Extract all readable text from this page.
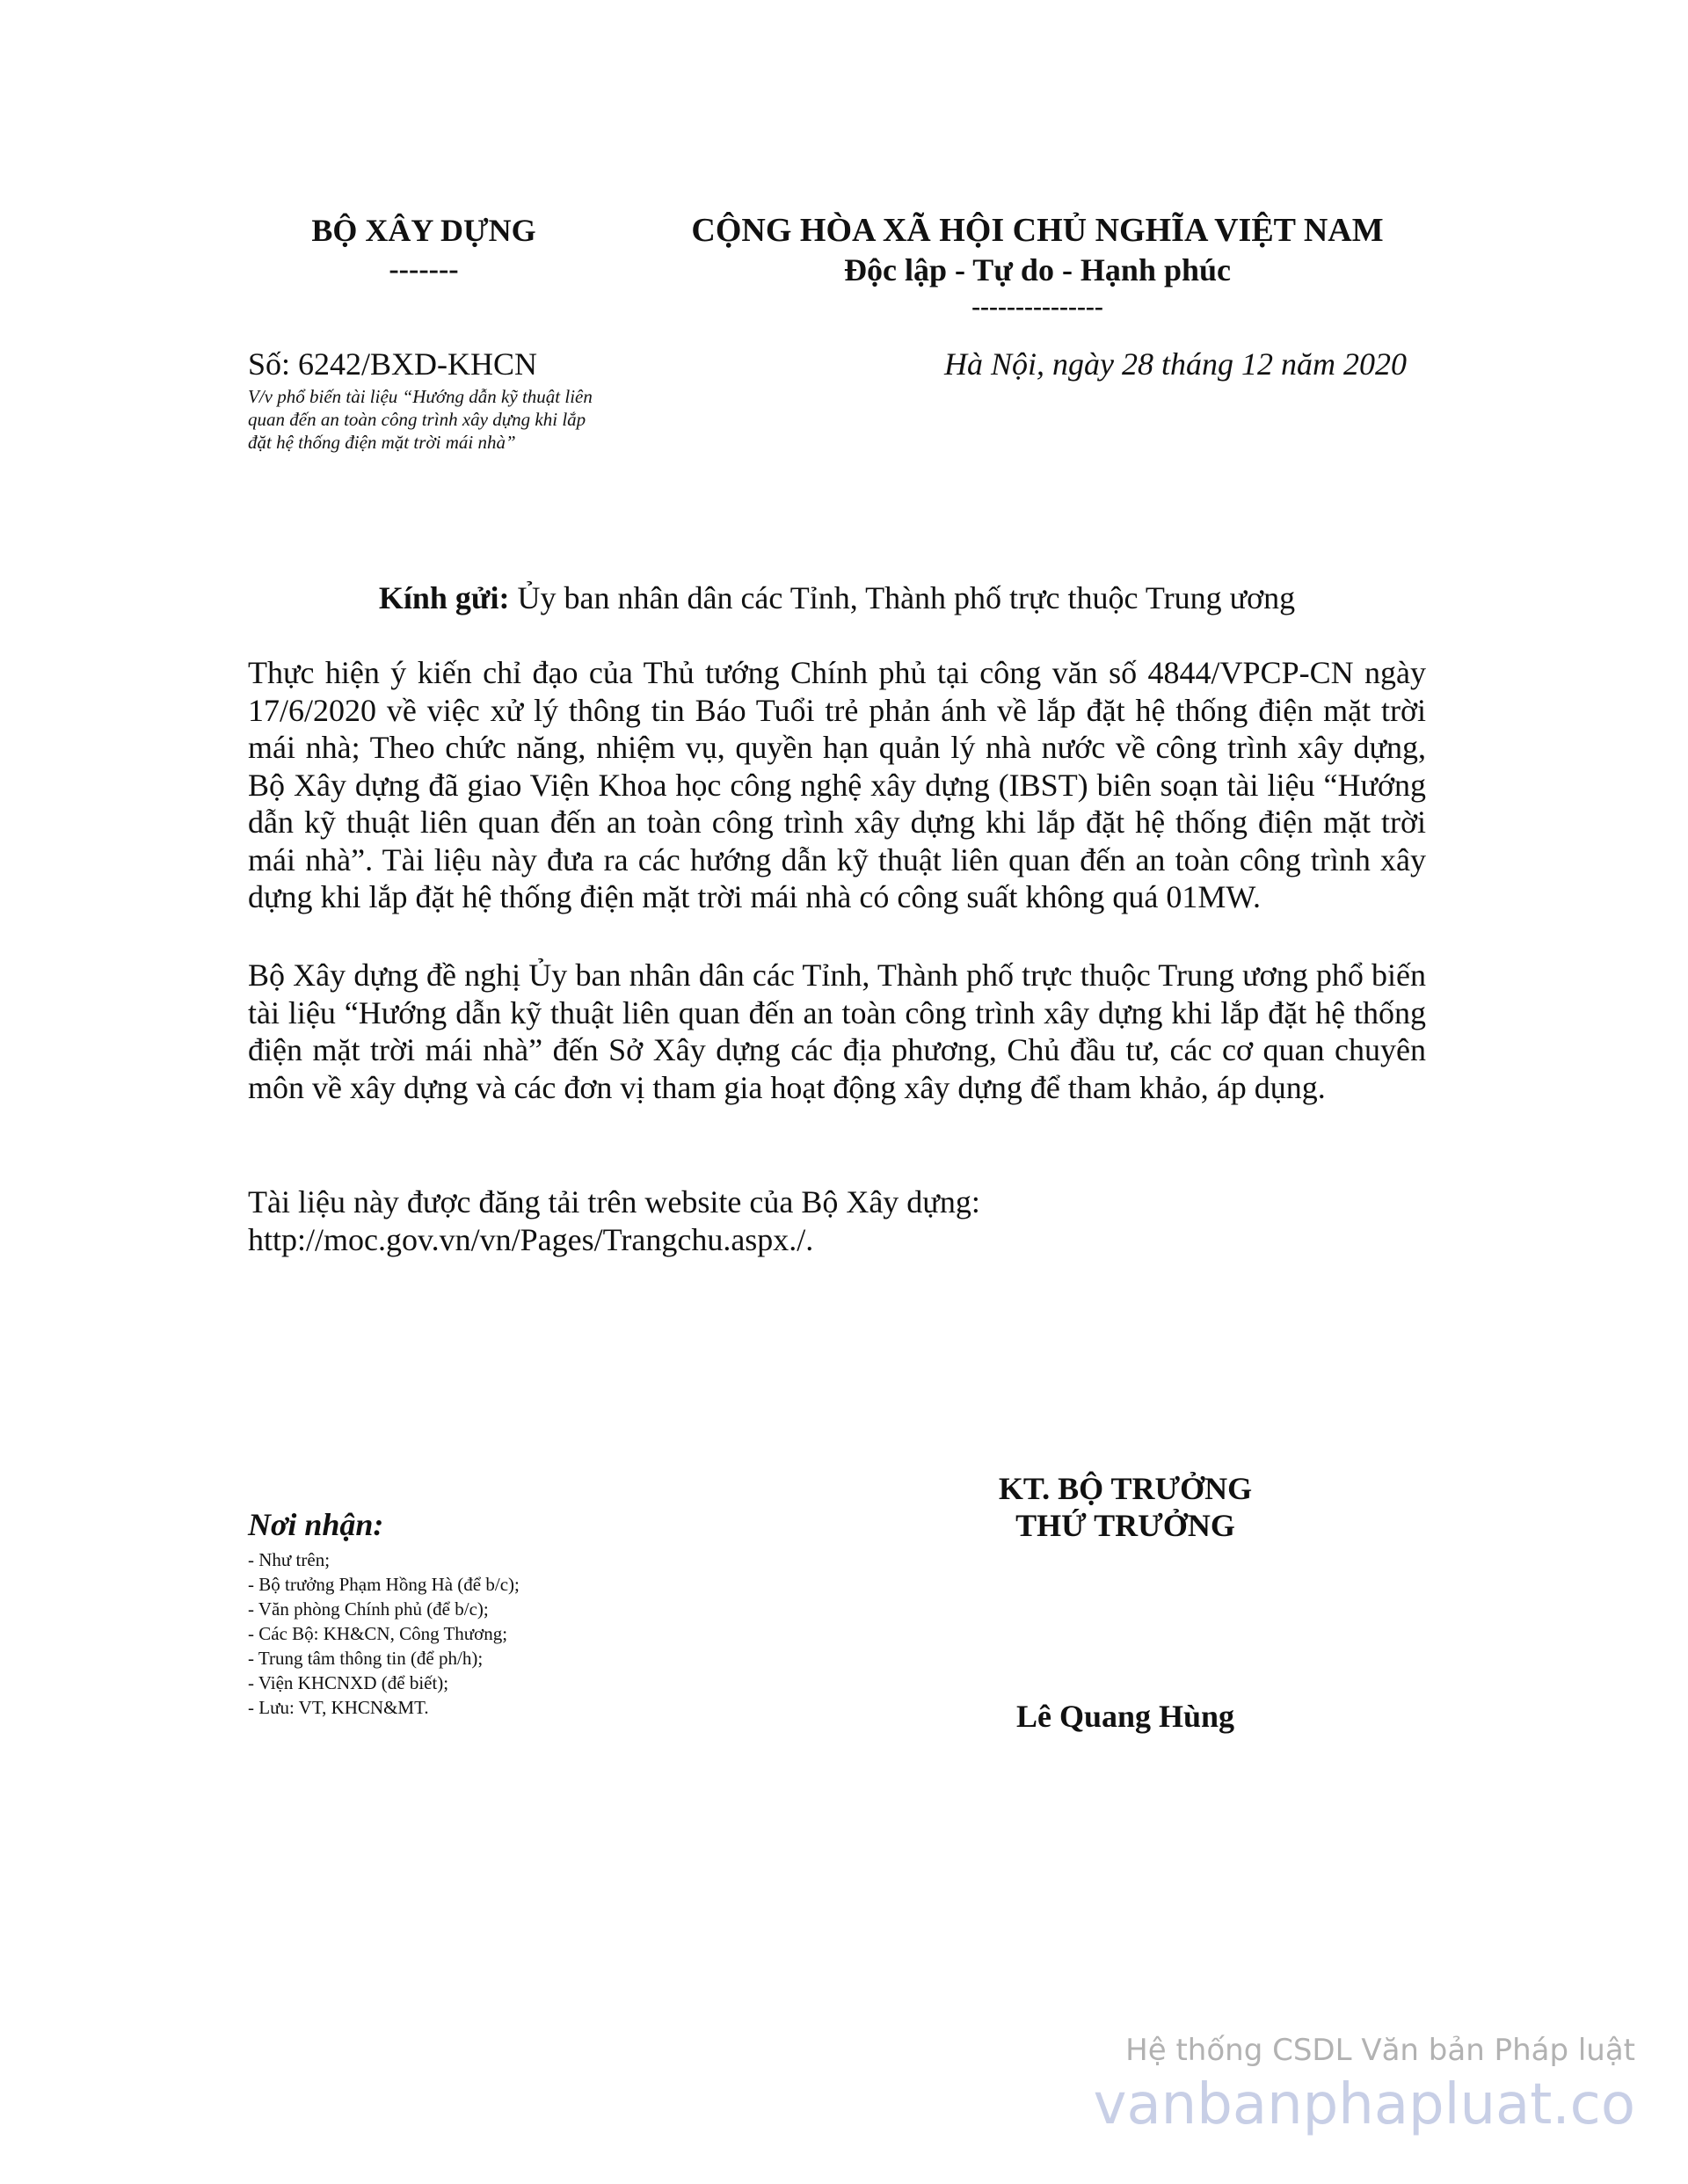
BỘ XÂY DỰNG
-------
CỘNG HÒA XÃ HỘI CHỦ NGHĨA VIỆT NAM
Độc lập - Tự do - Hạnh phúc
---------------
Số: 6242/BXD-KHCN
V/v phổ biến tài liệu “Hướng dẫn kỹ thuật liên quan đến an toàn công trình xây dựng khi lắp đặt hệ thống điện mặt trời mái nhà”
Hà Nội, ngày 28 tháng 12 năm 2020
Kính gửi: Ủy ban nhân dân các Tỉnh, Thành phố trực thuộc Trung ương
Thực hiện ý kiến chỉ đạo của Thủ tướng Chính phủ tại công văn số 4844/VPCP-CN ngày 17/6/2020 về việc xử lý thông tin Báo Tuổi trẻ phản ánh về lắp đặt hệ thống điện mặt trời mái nhà; Theo chức năng, nhiệm vụ, quyền hạn quản lý nhà nước về công trình xây dựng, Bộ Xây dựng đã giao Viện Khoa học công nghệ xây dựng (IBST) biên soạn tài liệu “Hướng dẫn kỹ thuật liên quan đến an toàn công trình xây dựng khi lắp đặt hệ thống điện mặt trời mái nhà”. Tài liệu này đưa ra các hướng dẫn kỹ thuật liên quan đến an toàn công trình xây dựng khi lắp đặt hệ thống điện mặt trời mái nhà có công suất không quá 01MW.
Bộ Xây dựng đề nghị Ủy ban nhân dân các Tỉnh, Thành phố trực thuộc Trung ương phổ biến tài liệu “Hướng dẫn kỹ thuật liên quan đến an toàn công trình xây dựng khi lắp đặt hệ thống điện mặt trời mái nhà” đến Sở Xây dựng các địa phương, Chủ đầu tư, các cơ quan chuyên môn về xây dựng và các đơn vị tham gia hoạt động xây dựng để tham khảo, áp dụng.
Tài liệu này được đăng tải trên website của Bộ Xây dựng:
http://moc.gov.vn/vn/Pages/Trangchu.aspx./.
KT. BỘ TRƯỞNG
THỨ TRƯỞNG
Lê Quang Hùng
Nơi nhận:
- Như trên;
- Bộ trưởng Phạm Hồng Hà (để b/c);
- Văn phòng Chính phủ (để b/c);
- Các Bộ: KH&CN, Công Thương;
- Trung tâm thông tin (để ph/h);
- Viện KHCNXD (để biết);
- Lưu: VT, KHCN&MT.
Hệ thống CSDL Văn bản Pháp luật
vanbanphapluat.co
